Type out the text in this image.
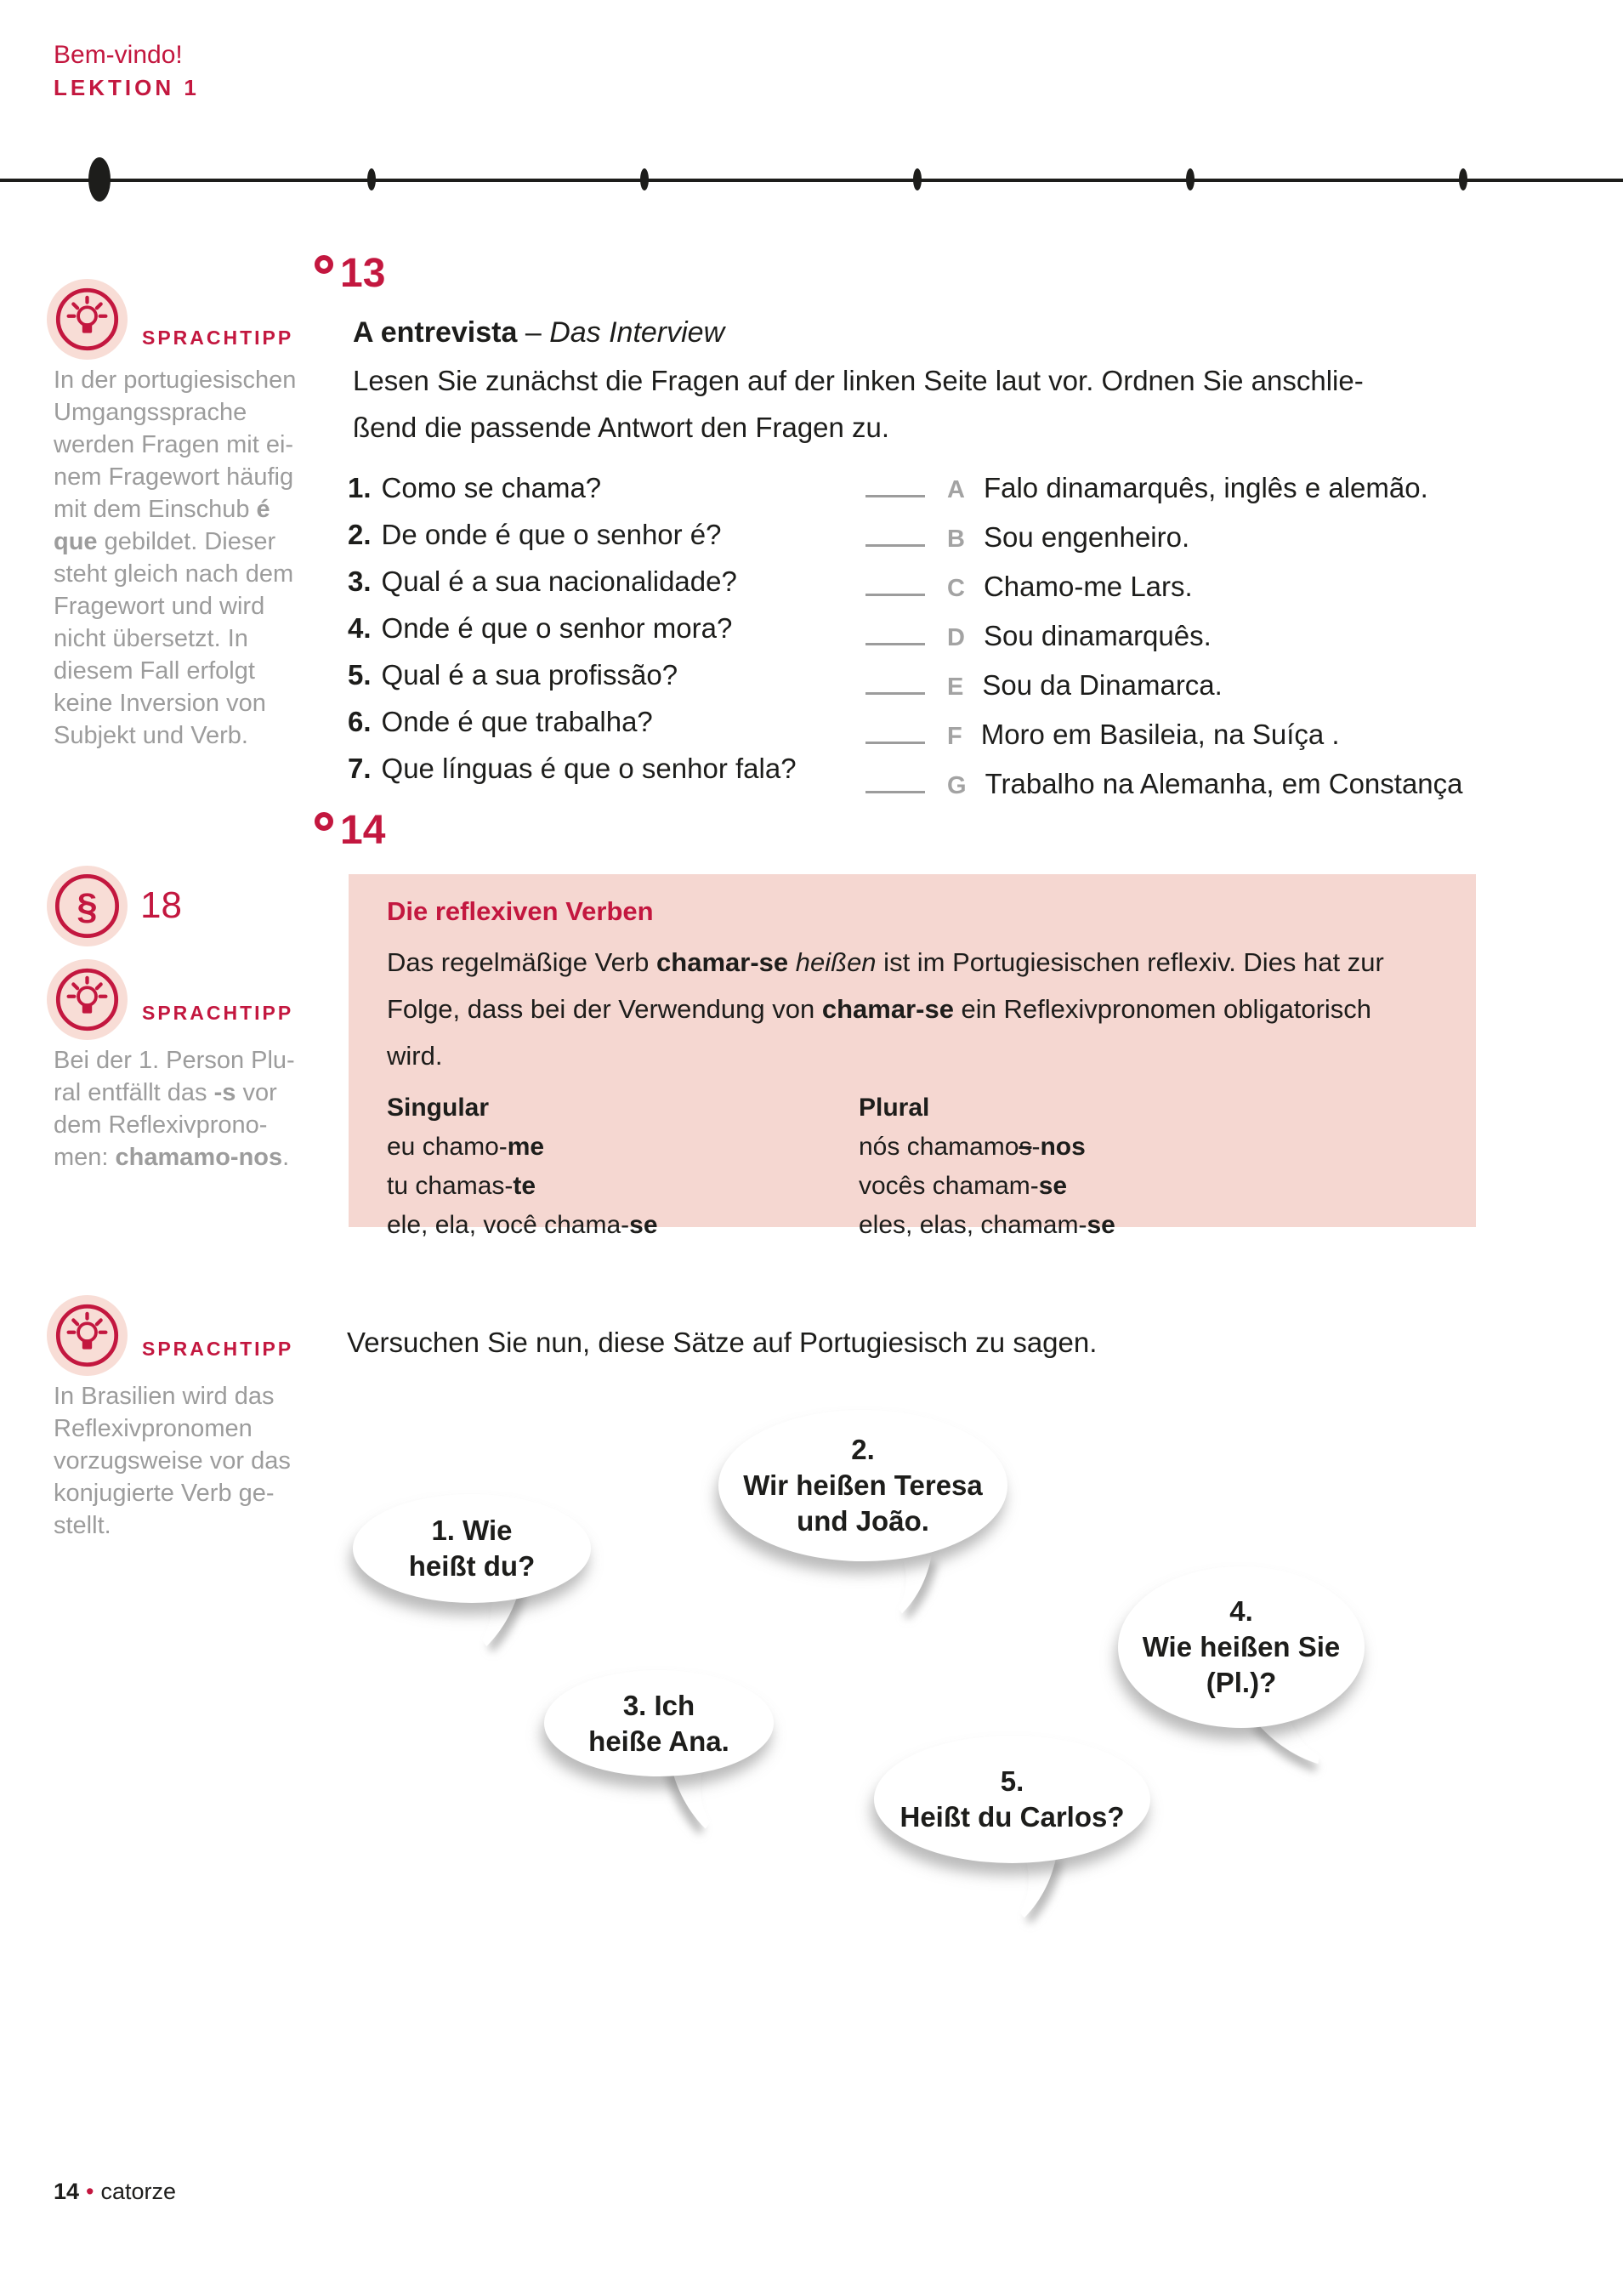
Bem-vindo!
LEKTION 1
SPRACHTIPP
In der portugiesischen
Umgangssprache
werden Fragen mit ei-
nem Fragewort häufig
mit dem Einschub é
que gebildet. Dieser
steht gleich nach dem
Fragewort und wird
nicht übersetzt. In
diesem Fall erfolgt
keine Inversion von
Subjekt und Verb.
13
A entrevista – Das Interview
Lesen Sie zunächst die Fragen auf der linken Seite laut vor. Ordnen Sie anschlie-
ßend die passende Antwort den Fragen zu.
1. Como se chama?
2. De onde é que o senhor é?
3. Qual é a sua nacionalidade?
4. Onde é que o senhor mora?
5. Qual é a sua profissão?
6. Onde é que trabalha?
7. Que línguas é que o senhor fala?
A Falo dinamarquês, inglês e alemão.
B Sou engenheiro.
C Chamo-me Lars.
D Sou dinamarquês.
E Sou da Dinamarca.
F Moro em Basileia, na Suíça .
G Trabalho na Alemanha, em Constança
14
§ 18
SPRACHTIPP
Bei der 1. Person Plu-
ral entfällt das -s vor
dem Reflexivprono-
men: chamamo-nos.
Die reflexiven Verben
Das regelmäßige Verb chamar-se heißen ist im Portugiesischen reflexiv. Dies hat zur
Folge, dass bei der Verwendung von chamar-se ein Reflexivpronomen obligatorisch
wird.
Singular
eu chamo-me
tu chamas-te
ele, ela, você chama-se
Plural
nós chamamos-nos
vocês chamam-se
eles, elas, chamam-se
SPRACHTIPP
In Brasilien wird das
Reflexivpronomen
vorzugsweise vor das
konjugierte Verb ge-
stellt.
Versuchen Sie nun, diese Sätze auf Portugiesisch zu sagen.
1. Wie
heißt du?
2.
Wir heißen Teresa
und João.
3. Ich
heiße Ana.
4.
Wie heißen Sie
(Pl.)?
5.
Heißt du Carlos?
14 • catorze
